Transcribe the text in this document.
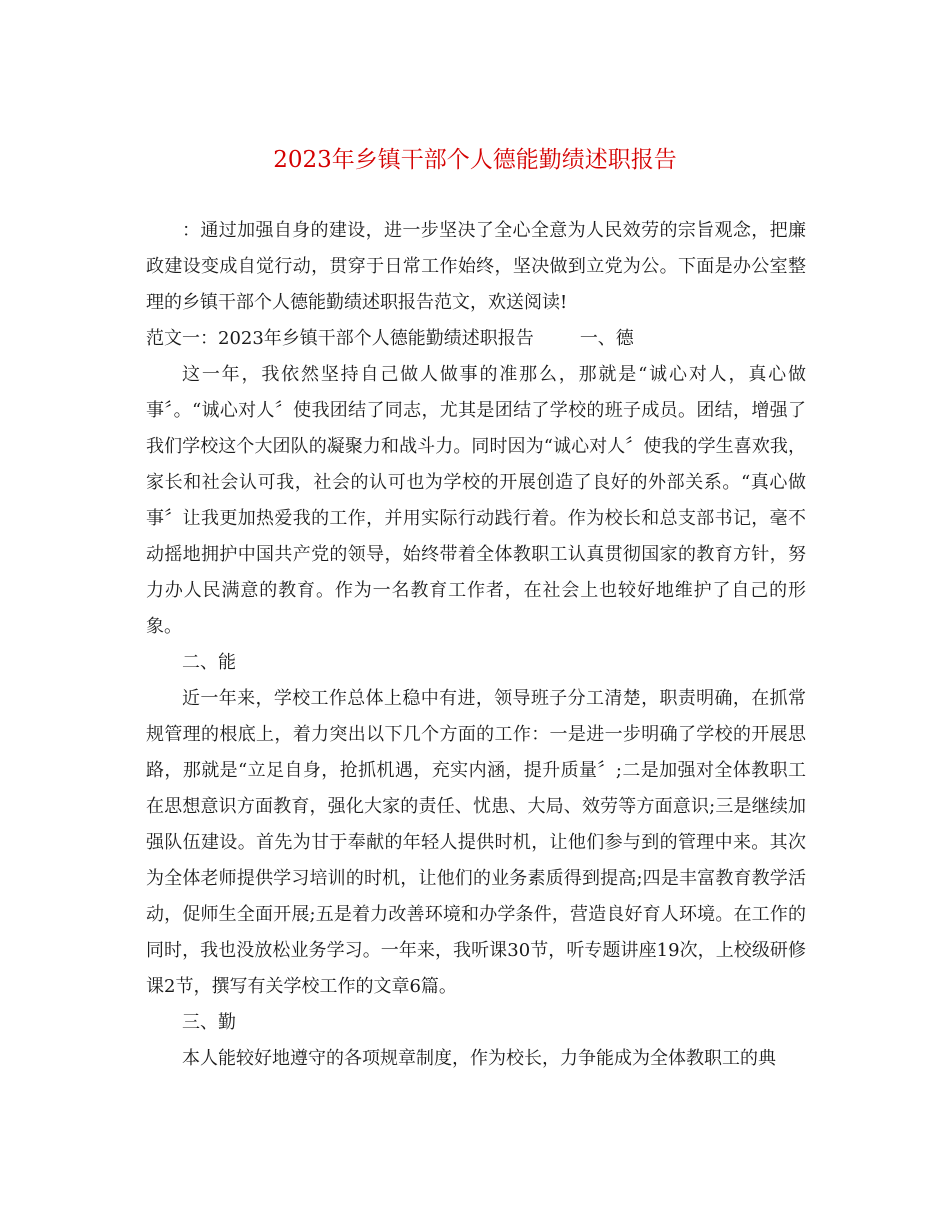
2023年乡镇干部个人德能勤绩述职报告

：通过加强自身的建设，进一步坚决了全心全意为人民效劳的宗旨观念，把廉政建设变成自觉行动，贯穿于日常工作始终，坚决做到立党为公。下面是办公室整理的乡镇干部个人德能勤绩述职报告范文，欢送阅读!

范文一：2023年乡镇干部个人德能勤绩述职报告	一、德

这一年，我依然坚持自己做人做事的准那么，那就是“诚心对人，真心做事〞。“诚心对人〞使我团结了同志，尤其是团结了学校的班子成员。团结，增强了我们学校这个大团队的凝聚力和战斗力。同时因为“诚心对人〞使我的学生喜欢我，家长和社会认可我，社会的认可也为学校的开展创造了良好的外部关系。“真心做事〞让我更加热爱我的工作，并用实际行动践行着。作为校长和总支部书记，毫不动摇地拥护中国共产党的领导，始终带着全体教职工认真贯彻国家的教育方针，努力办人民满意的教育。作为一名教育工作者，在社会上也较好地维护了自己的形象。

二、能

近一年来，学校工作总体上稳中有进，领导班子分工清楚，职责明确，在抓常规管理的根底上，着力突出以下几个方面的工作：一是进一步明确了学校的开展思路，那就是“立足自身，抢抓机遇，充实内涵，提升质量〞;二是加强对全体教职工在思想意识方面教育，强化大家的责任、忧患、大局、效劳等方面意识;三是继续加强队伍建设。首先为甘于奉献的年轻人提供时机，让他们参与到的管理中来。其次为全体老师提供学习培训的时机，让他们的业务素质得到提高;四是丰富教育教学活动，促师生全面开展;五是着力改善环境和办学条件，营造良好育人环境。在工作的同时，我也没放松业务学习。一年来，我听课30节，听专题讲座19次，上校级研修课2节，撰写有关学校工作的文章6篇。

三、勤

本人能较好地遵守的各项规章制度，作为校长，力争能成为全体教职工的典
